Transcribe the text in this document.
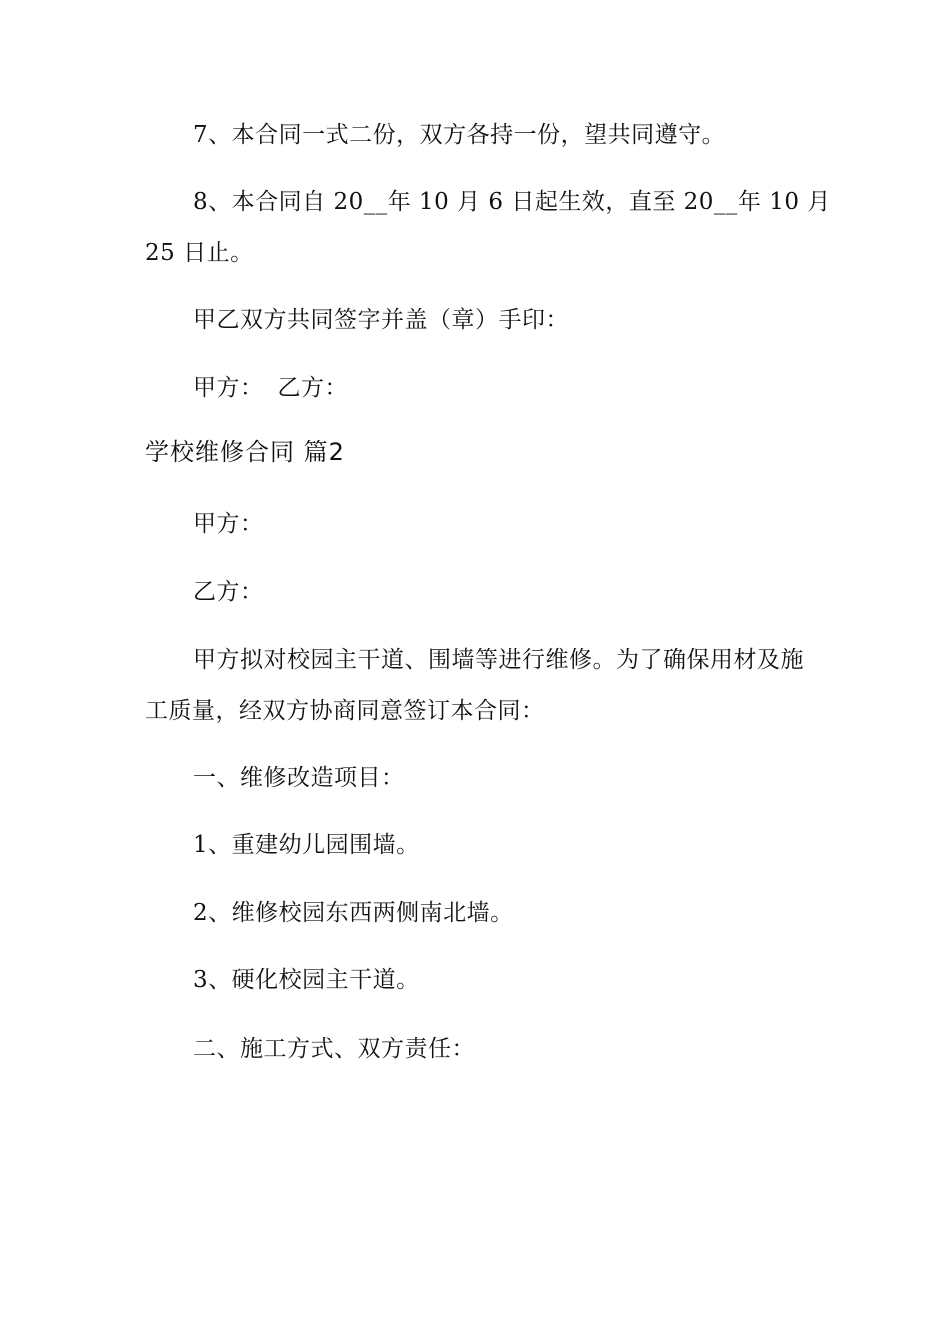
7、本合同一式二份，双方各持一份，望共同遵守。
8、本合同自 20__年 10 月 6 日起生效，直至 20__年 10 月
25 日止。
甲乙双方共同签字并盖（章）手印：
甲方： 乙方：
学校维修合同 篇2
甲方：
乙方：
甲方拟对校园主干道、围墙等进行维修。为了确保用材及施
工质量，经双方协商同意签订本合同：
一、维修改造项目：
1、重建幼儿园围墙。
2、维修校园东西两侧南北墙。
3、硬化校园主干道。
二、施工方式、双方责任：
